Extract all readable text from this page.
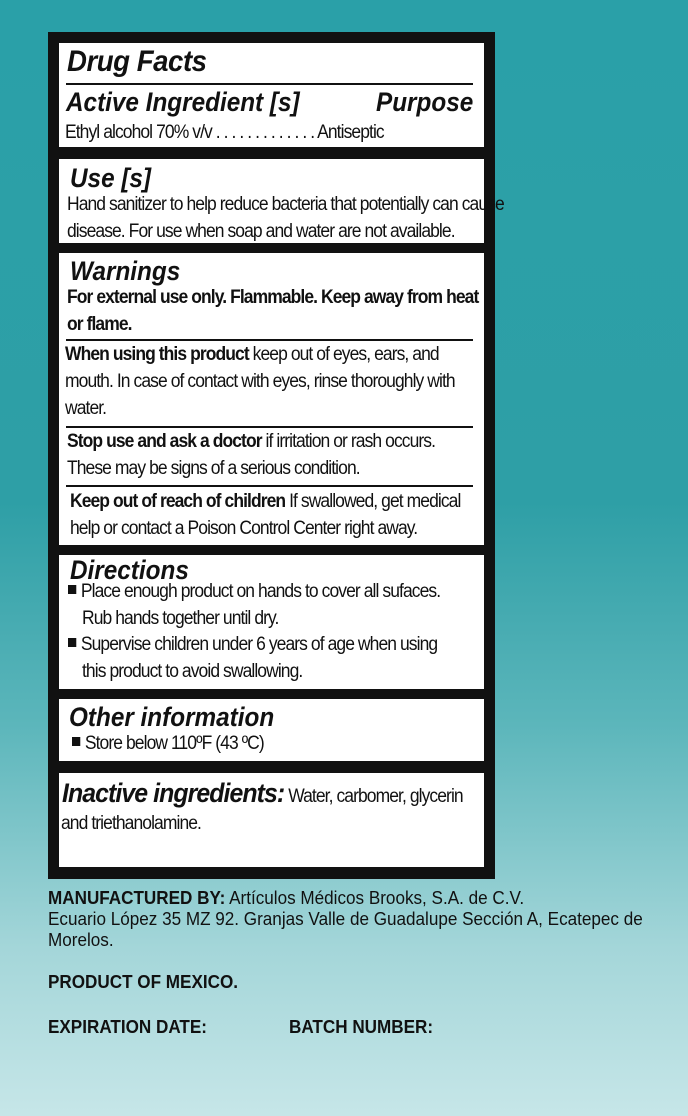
Drug Facts
Active Ingredient [s]	Purpose
Ethyl alcohol 70% v/v . . . . . . . . . . . . . Antiseptic
Use [s]
Hand sanitizer to help reduce bacteria that potentially can cause
disease. For use when soap and water are not available.
Warnings
For external use only. Flammable. Keep away from heat
or flame.
When using this product keep out of eyes, ears, and
mouth. In case of contact with eyes, rinse thoroughly with
water.
Stop use and ask a doctor if irritation or rash occurs.
These may be signs of a serious condition.
Keep out of reach of children If swallowed, get medical
help or contact a Poison Control Center right away.
Directions
Place enough product on hands to cover all sufaces.
Rub hands together until dry.
Supervise children under 6 years of age when using
this product to avoid swallowing.
Other information
Store below 110ºF (43 ºC)
Inactive ingredients: Water, carbomer, glycerin
and triethanolamine.
MANUFACTURED BY: Artículos Médicos Brooks, S.A. de C.V.
Ecuario López 35 MZ 92. Granjas Valle de Guadalupe Sección A, Ecatepec de
Morelos.
PRODUCT OF MEXICO.
EXPIRATION DATE:	BATCH NUMBER:
